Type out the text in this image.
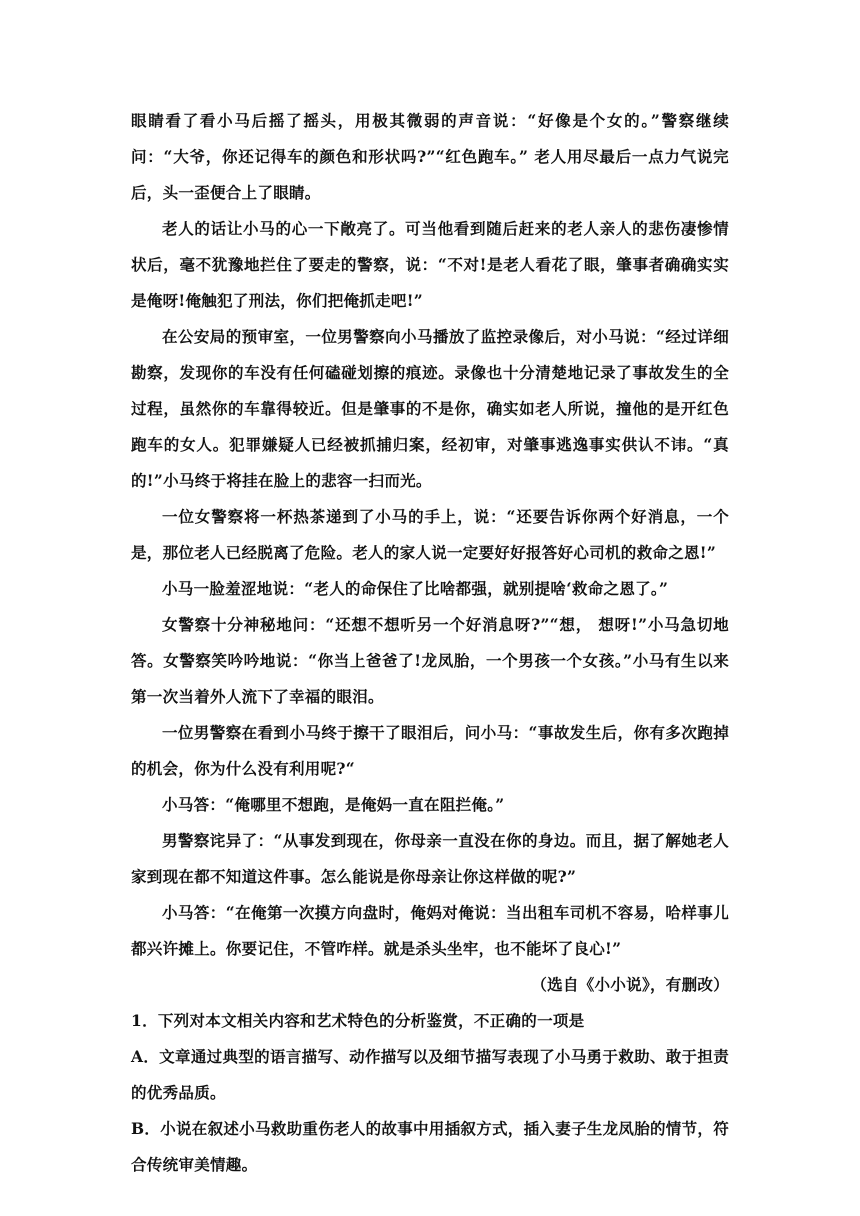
眼睛看了看小马后摇了摇头，用极其微弱的声音说：“好像是个女的。”警察继续问：“大爷，你还记得车的颜色和形状吗?”“红色跑车。” 老人用尽最后一点力气说完后，头一歪便合上了眼睛。

老人的话让小马的心一下敞亮了。可当他看到随后赶来的老人亲人的悲伤凄惨情状后，毫不犹豫地拦住了要走的警察，说：“不对!是老人看花了眼，肇事者确确实实是俺呀!俺触犯了刑法，你们把俺抓走吧!”

在公安局的预审室，一位男警察向小马播放了监控录像后，对小马说：“经过详细勘察，发现你的车没有任何磕碰划擦的痕迹。录像也十分清楚地记录了事故发生的全过程，虽然你的车靠得较近。但是肇事的不是你，确实如老人所说，撞他的是开红色跑车的女人。犯罪嫌疑人已经被抓捕归案，经初审，对肇事逃逸事实供认不讳。“真的!”小马终于将挂在脸上的悲容一扫而光。

一位女警察将一杯热茶递到了小马的手上，说：“还要告诉你两个好消息，一个是，那位老人已经脱离了危险。老人的家人说一定要好好报答好心司机的救命之恩!”

小马一脸羞涩地说：“老人的命保住了比啥都强，就别提啥‘救命之恩了。”

女警察十分神秘地问：“还想不想听另一个好消息呀?”“想， 想呀!”小马急切地答。女警察笑吟吟地说：“你当上爸爸了!龙凤胎，一个男孩一个女孩。”小马有生以来第一次当着外人流下了幸福的眼泪。

一位男警察在看到小马终于擦干了眼泪后，问小马：“事故发生后，你有多次跑掉的机会，你为什么没有利用呢?“

小马答：“俺哪里不想跑，是俺妈一直在阻拦俺。”

男警察诧异了：“从事发到现在，你母亲一直没在你的身边。而且，据了解她老人家到现在都不知道这件事。怎么能说是你母亲让你这样做的呢?”

小马答：“在俺第一次摸方向盘时，俺妈对俺说：当出租车司机不容易，哈样事儿都兴许摊上。你要记住，不管咋样。就是杀头坐牢，也不能坏了良心!”

（选自《小小说》，有删改）

1．下列对本文相关内容和艺术特色的分析鉴赏，不正确的一项是

A．文章通过典型的语言描写、动作描写以及细节描写表现了小马勇于救助、敢于担责的优秀品质。

B．小说在叙述小马救助重伤老人的故事中用插叙方式，插入妻子生龙凤胎的情节，符合传统审美情趣。
